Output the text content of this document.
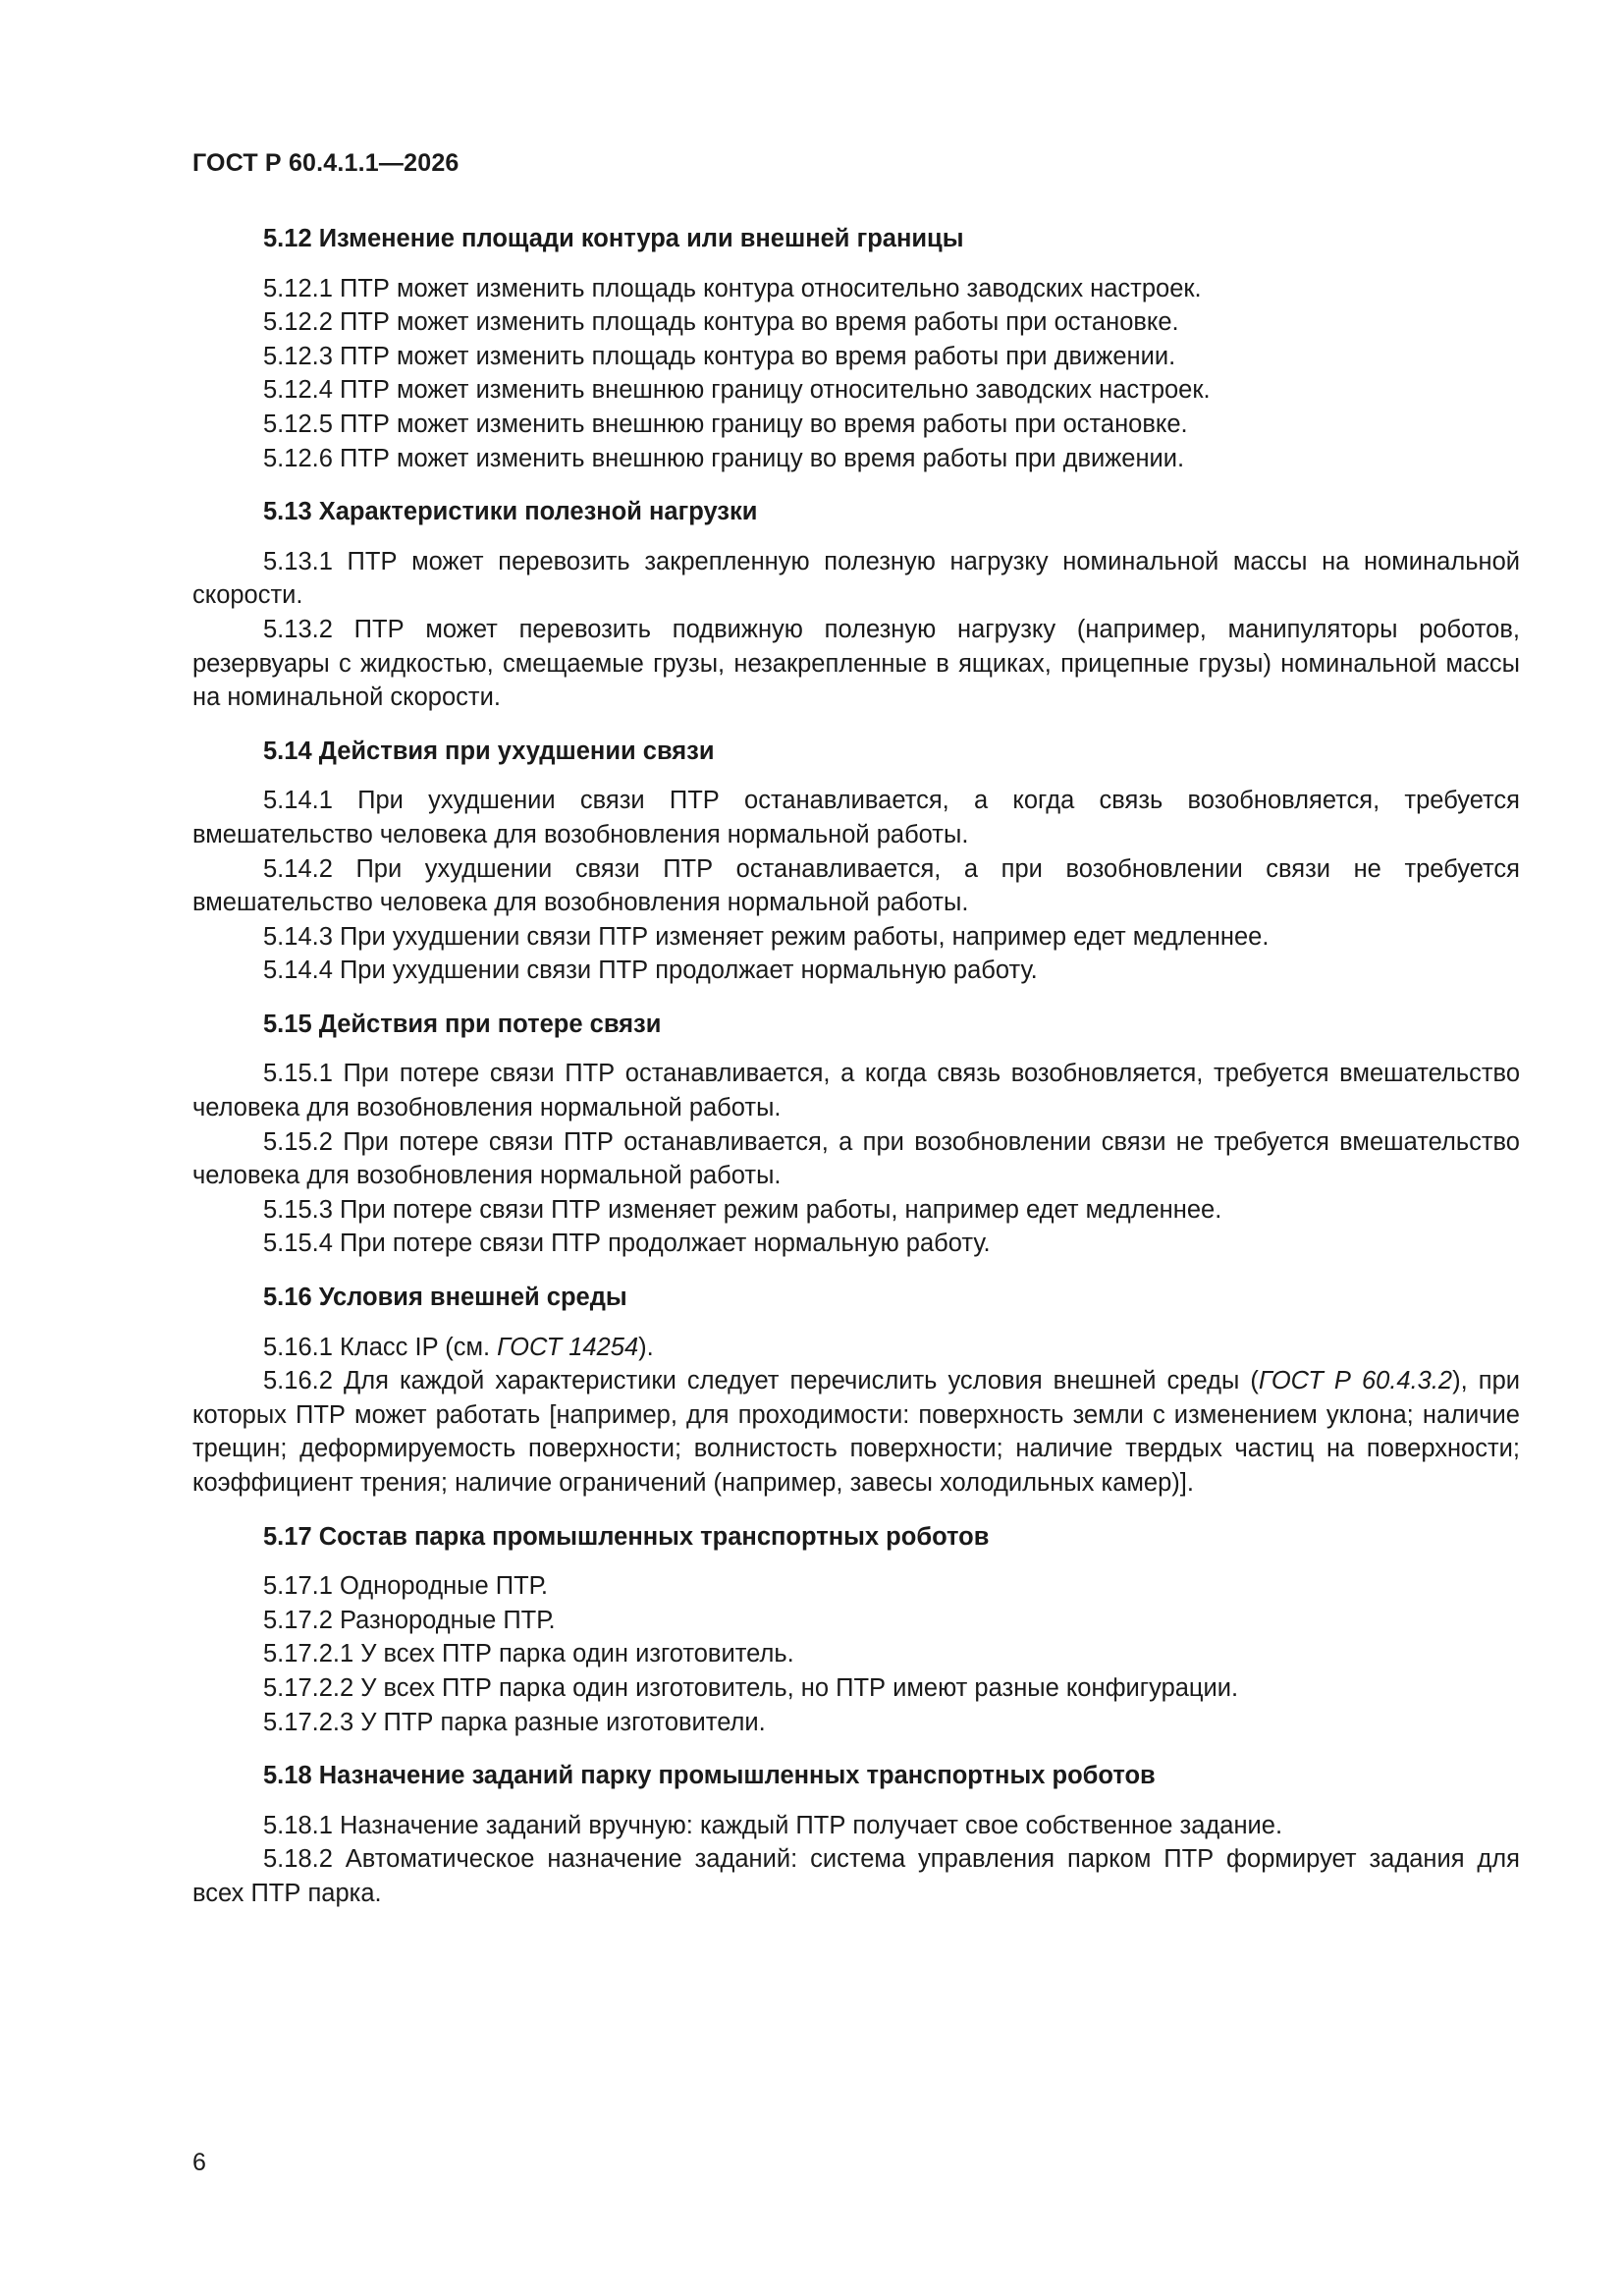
ГОСТ Р 60.4.1.1—2026

5.12 Изменение площади контура или внешней границы

5.12.1 ПТР может изменить площадь контура относительно заводских настроек.

5.12.2 ПТР может изменить площадь контура во время работы при остановке.

5.12.3 ПТР может изменить площадь контура во время работы при движении.

5.12.4 ПТР может изменить внешнюю границу относительно заводских настроек.

5.12.5 ПТР может изменить внешнюю границу во время работы при остановке.

5.12.6 ПТР может изменить внешнюю границу во время работы при движении.

5.13 Характеристики полезной нагрузки

5.13.1 ПТР может перевозить закрепленную полезную нагрузку номинальной массы на номинальной скорости.

5.13.2 ПТР может перевозить подвижную полезную нагрузку (например, манипуляторы роботов, резервуары с жидкостью, смещаемые грузы, незакрепленные в ящиках, прицепные грузы) номинальной массы на номинальной скорости.

5.14 Действия при ухудшении связи

5.14.1 При ухудшении связи ПТР останавливается, а когда связь возобновляется, требуется вмешательство человека для возобновления нормальной работы.

5.14.2 При ухудшении связи ПТР останавливается, а при возобновлении связи не требуется вмешательство человека для возобновления нормальной работы.

5.14.3 При ухудшении связи ПТР изменяет режим работы, например едет медленнее.

5.14.4 При ухудшении связи ПТР продолжает нормальную работу.

5.15 Действия при потере связи

5.15.1 При потере связи ПТР останавливается, а когда связь возобновляется, требуется вмешательство человека для возобновления нормальной работы.

5.15.2 При потере связи ПТР останавливается, а при возобновлении связи не требуется вмешательство человека для возобновления нормальной работы.

5.15.3 При потере связи ПТР изменяет режим работы, например едет медленнее.

5.15.4 При потере связи ПТР продолжает нормальную работу.

5.16 Условия внешней среды

5.16.1 Класс IP (см. ГОСТ 14254).

5.16.2 Для каждой характеристики следует перечислить условия внешней среды (ГОСТ Р 60.4.3.2), при которых ПТР может работать [например, для проходимости: поверхность земли с изменением уклона; наличие трещин; деформируемость поверхности; волнистость поверхности; наличие твердых частиц на поверхности; коэффициент трения; наличие ограничений (например, завесы холодильных камер)].

5.17 Состав парка промышленных транспортных роботов

5.17.1 Однородные ПТР.

5.17.2 Разнородные ПТР.

5.17.2.1 У всех ПТР парка один изготовитель.

5.17.2.2 У всех ПТР парка один изготовитель, но ПТР имеют разные конфигурации.

5.17.2.3 У ПТР парка разные изготовители.

5.18 Назначение заданий парку промышленных транспортных роботов

5.18.1 Назначение заданий вручную: каждый ПТР получает свое собственное задание.

5.18.2 Автоматическое назначение заданий: система управления парком ПТР формирует задания для всех ПТР парка.

6
